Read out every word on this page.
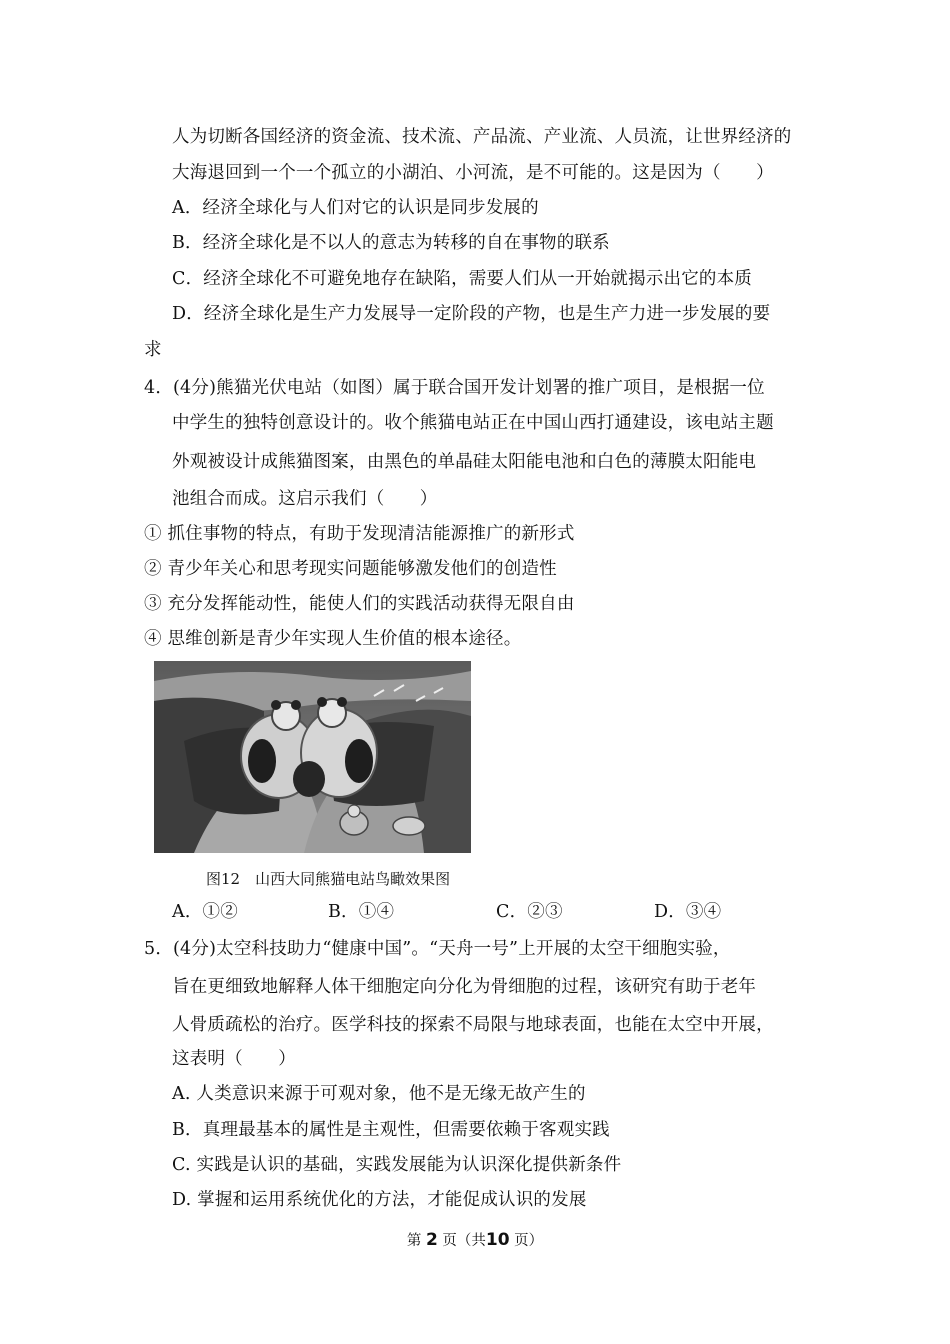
人为切断各国经济的资金流、技术流、产品流、产业流、人员流，让世界经济的
大海退回到一个一个孤立的小湖泊、小河流，是不可能的。这是因为（　　）
A．经济全球化与人们对它的认识是同步发展的
B．经济全球化是不以人的意志为转移的自在事物的联系
C．经济全球化不可避免地存在缺陷，需要人们从一开始就揭示出它的本质
D．经济全球化是生产力发展导一定阶段的产物，也是生产力进一步发展的要
求
4．(4分)熊猫光伏电站（如图）属于联合国开发计划署的推广项目，是根据一位
中学生的独特创意设计的。收个熊猫电站正在中国山西打通建设，该电站主题
外观被设计成熊猫图案，由黑色的单晶硅太阳能电池和白色的薄膜太阳能电
池组合而成。这启示我们（　　）
① 抓住事物的特点，有助于发现清洁能源推广的新形式
② 青少年关心和思考现实问题能够激发他们的创造性
③ 充分发挥能动性，能使人们的实践活动获得无限自由
④ 思维创新是青少年实现人生价值的根本途径。
图12　山西大同熊猫电站鸟瞰效果图
A．①②	B．①④	C．②③	D．③④
5．(4分)太空科技助力“健康中国”。“天舟一号”上开展的太空干细胞实验，
旨在更细致地解释人体干细胞定向分化为骨细胞的过程，该研究有助于老年
人骨质疏松的治疗。医学科技的探索不局限与地球表面，也能在太空中开展，
这表明（　　）
A. 人类意识来源于可观对象，他不是无缘无故产生的
B．真理最基本的属性是主观性，但需要依赖于客观实践
C. 实践是认识的基础，实践发展能为认识深化提供新条件
D. 掌握和运用系统优化的方法，才能促成认识的发展
第 2 页（共10 页）
